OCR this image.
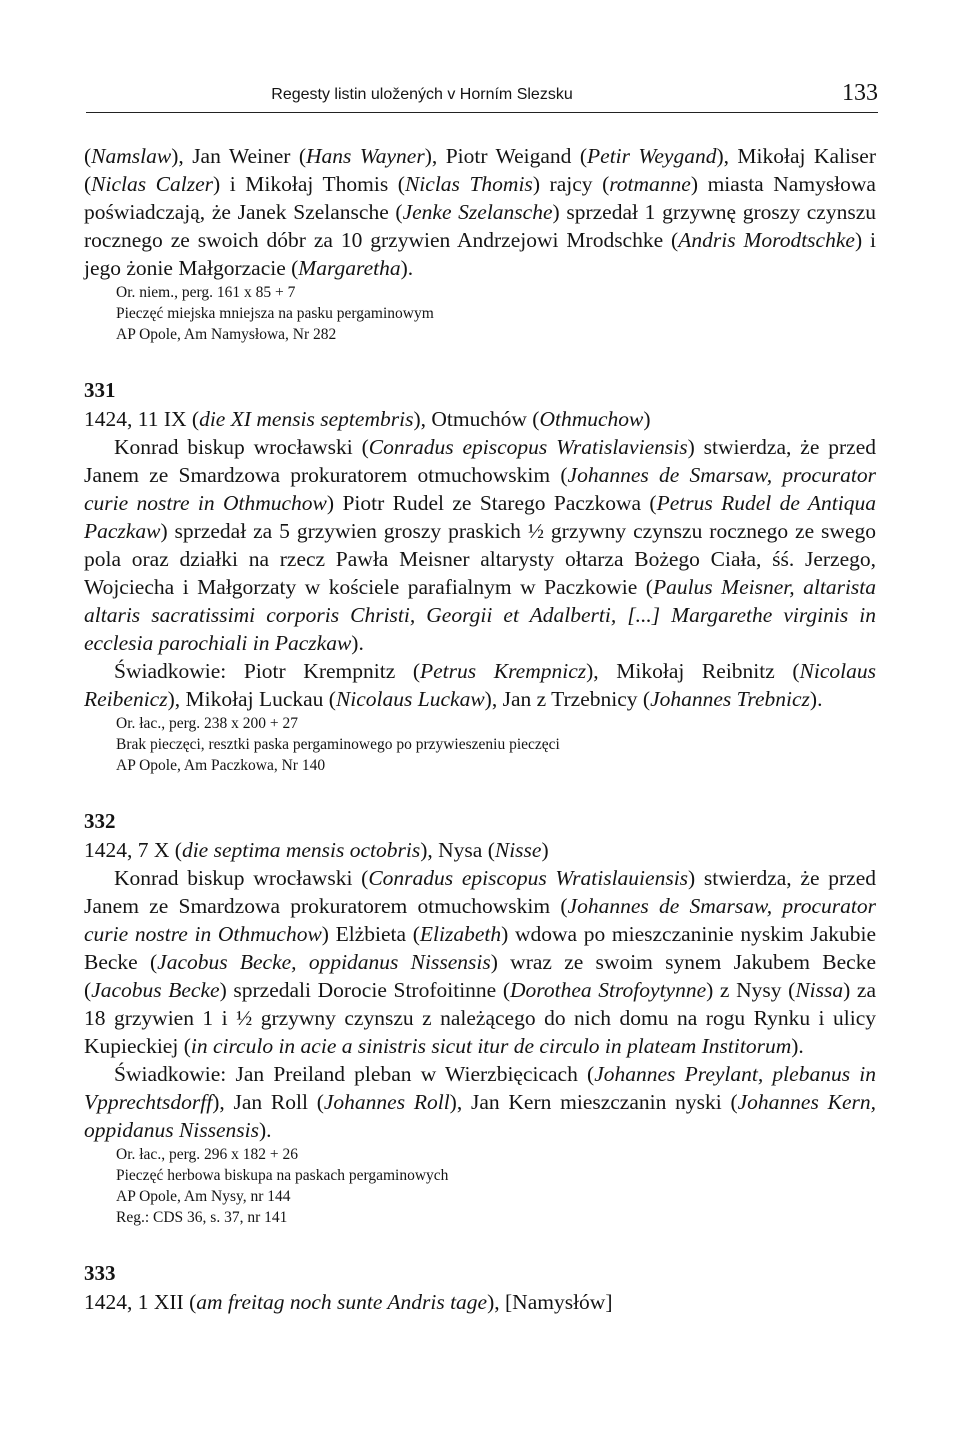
Regesty listin uložených v Horním Slezsku	133

(Namslaw), Jan Weiner (Hans Wayner), Piotr Weigand (Petir Weygand), Mikołaj Kaliser (Niclas Calzer) i Mikołaj Thomis (Niclas Thomis) rajcy (rotmanne) miasta Namysłowa poświadczają, że Janek Szelansche (Jenke Szelansche) sprzedał 1 grzywnę groszy czynszu rocznego ze swoich dóbr za 10 grzywien Andrzejowi Mrodschke (Andris Morodtschke) i jego żonie Małgorzacie (Margaretha).

Or. niem., perg. 161 x 85 + 7

Pieczęć miejska mniejsza na pasku pergaminowym

AP Opole, Am Namysłowa, Nr 282

331

1424, 11 IX (die XI mensis septembris), Otmuchów (Othmuchow)

Konrad biskup wrocławski (Conradus episcopus Wratislaviensis) stwierdza, że przed Janem ze Smardzowa prokuratorem otmuchowskim (Johannes de Smarsaw, procurator curie nostre in Othmuchow) Piotr Rudel ze Starego Paczkowa (Petrus Rudel de Antiqua Paczkaw) sprzedał za 5 grzywien groszy praskich ½ grzywny czynszu rocznego ze swego pola oraz działki na rzecz Pawła Meisner altarysty ołtarza Bożego Ciała, śś. Jerzego, Wojciecha i Małgorzaty w kościele parafialnym w Paczkowie (Paulus Meisner, altarista altaris sacratissimi corporis Christi, Georgii et Adalberti, [...] Margarethe virginis in ecclesia parochiali in Paczkaw).

Świadkowie: Piotr Krempnitz (Petrus Krempnicz), Mikołaj Reibnitz (Nicolaus Reibenicz), Mikołaj Luckau (Nicolaus Luckaw), Jan z Trzebnicy (Johannes Trebnicz).

Or. łac., perg. 238 x 200 + 27

Brak pieczęci, resztki paska pergaminowego po przywieszeniu pieczęci

AP Opole, Am Paczkowa, Nr 140

332

1424, 7 X (die septima mensis octobris), Nysa (Nisse)

Konrad biskup wrocławski (Conradus episcopus Wratislauiensis) stwierdza, że przed Janem ze Smardzowa prokuratorem otmuchowskim (Johannes de Smarsaw, procurator curie nostre in Othmuchow) Elżbieta (Elizabeth) wdowa po mieszczaninie nyskim Jakubie Becke (Jacobus Becke, oppidanus Nissensis) wraz ze swoim synem Jakubem Becke (Jacobus Becke) sprzedali Dorocie Strofoitinne (Dorothea Strofoytynne) z Nysy (Nissa) za 18 grzywien 1 i ½ grzywny czynszu z należącego do nich domu na rogu Rynku i ulicy Kupieckiej (in circulo in acie a sinistris sicut itur de circulo in plateam Institorum).

Świadkowie: Jan Preiland pleban w Wierzbięcicach (Johannes Preylant, plebanus in Vpprechtsdorff), Jan Roll (Johannes Roll), Jan Kern mieszczanin nyski (Johannes Kern, oppidanus Nissensis).

Or. łac., perg. 296 x 182 + 26

Pieczęć herbowa biskupa na paskach pergaminowych

AP Opole, Am Nysy, nr 144

Reg.: CDS 36, s. 37, nr 141

333

1424, 1 XII (am freitag noch sunte Andris tage), [Namysłów]
